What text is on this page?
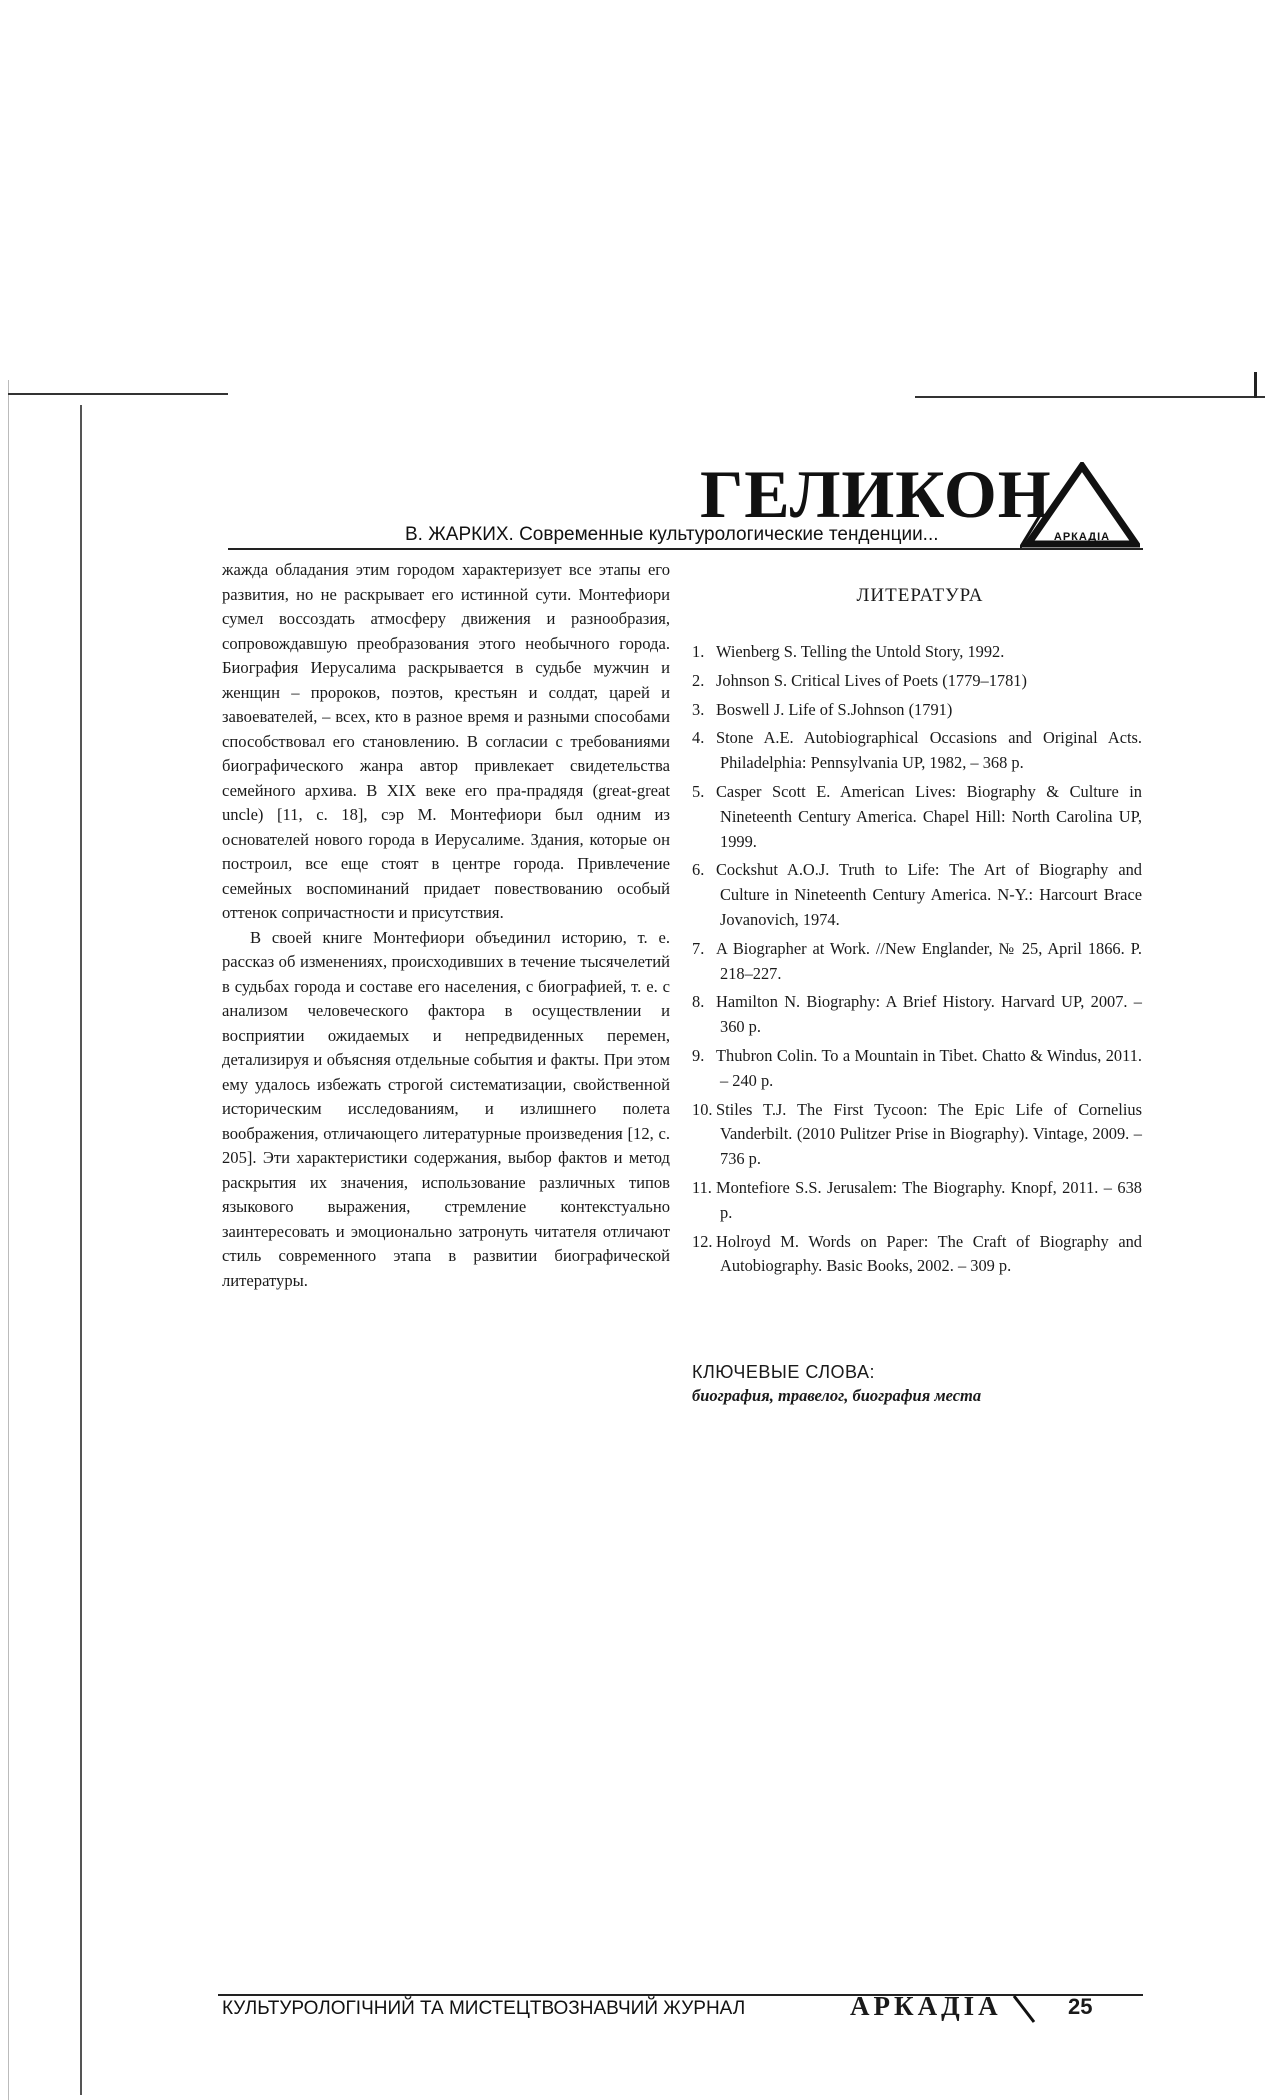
ГЕЛИКОН
АРКАДІА
В. ЖАРКИХ. Современные культурологические тенденции...

жажда обладания этим городом характеризует все этапы его развития, но не раскрывает его истинной сути. Монтефиори сумел воссоздать атмосферу движения и разнообразия, сопровождавшую преобразования этого необычного города. Биография Иерусалима раскрывается в судьбе мужчин и женщин – пророков, поэтов, крестьян и солдат, царей и завоевателей, – всех, кто в разное время и разными способами способствовал его становлению. В согласии с требованиями биографического жанра автор привлекает свидетельства семейного архива. В XIX веке его пра-прадядя (great-great uncle) [11, с. 18], сэр М. Монтефиори был одним из основателей нового города в Иерусалиме. Здания, которые он построил, все еще стоят в центре города. Привлечение семейных воспоминаний придает повествованию особый оттенок сопричастности и присутствия.

В своей книге Монтефиори объединил историю, т. е. рассказ об изменениях, происходивших в течение тысячелетий в судьбах города и составе его населения, с биографией, т. е. с анализом человеческого фактора в осуществлении и восприятии ожидаемых и непредвиденных перемен, детализируя и объясняя отдельные события и факты. При этом ему удалось избежать строгой систематизации, свойственной историческим исследованиям, и излишнего полета воображения, отличающего литературные произведения [12, с. 205]. Эти характеристики содержания, выбор фактов и метод раскрытия их значения, использование различных типов языкового выражения, стремление контекстуально заинтересовать и эмоционально затронуть читателя отличают стиль современного этапа в развитии биографической литературы.

ЛИТЕРАТУРА
1. Wienberg S. Telling the Untold Story, 1992.
2. Johnson S. Critical Lives of Poets (1779–1781)
3. Boswell J. Life of S.Johnson (1791)
4. Stone A.E. Autobiographical Occasions and Original Acts. Philadelphia: Pennsylvania UP, 1982, – 368 p.
5. Casper Scott E. American Lives: Biography & Culture in Nineteenth Century America. Chapel Hill: North Carolina UP, 1999.
6. Cockshut A.O.J. Truth to Life: The Art of Biography and Culture in Nineteenth Century America. N-Y.: Harcourt Brace Jovanovich, 1974.
7. A Biographer at Work. //New Englander, № 25, April 1866. P. 218–227.
8. Hamilton N. Biography: A Brief History. Harvard UP, 2007. – 360 p.
9. Thubron Colin. To a Mountain in Tibet. Chatto & Windus, 2011. – 240 p.
10. Stiles T.J. The First Tycoon: The Epic Life of Cornelius Vanderbilt. (2010 Pulitzer Prise in Biography). Vintage, 2009. – 736 p.
11. Montefiore S.S. Jerusalem: The Biography. Knopf, 2011. – 638 p.
12. Holroyd M. Words on Paper: The Craft of Biography and Autobiography. Basic Books, 2002. – 309 p.
КЛЮЧЕВЫЕ СЛОВА:
биография, травелог, биография места
КУЛЬТУРОЛОГІЧНИЙ ТА МИСТЕЦТВОЗНАВЧИЙ ЖУРНАЛ	АРКАДІА	25
